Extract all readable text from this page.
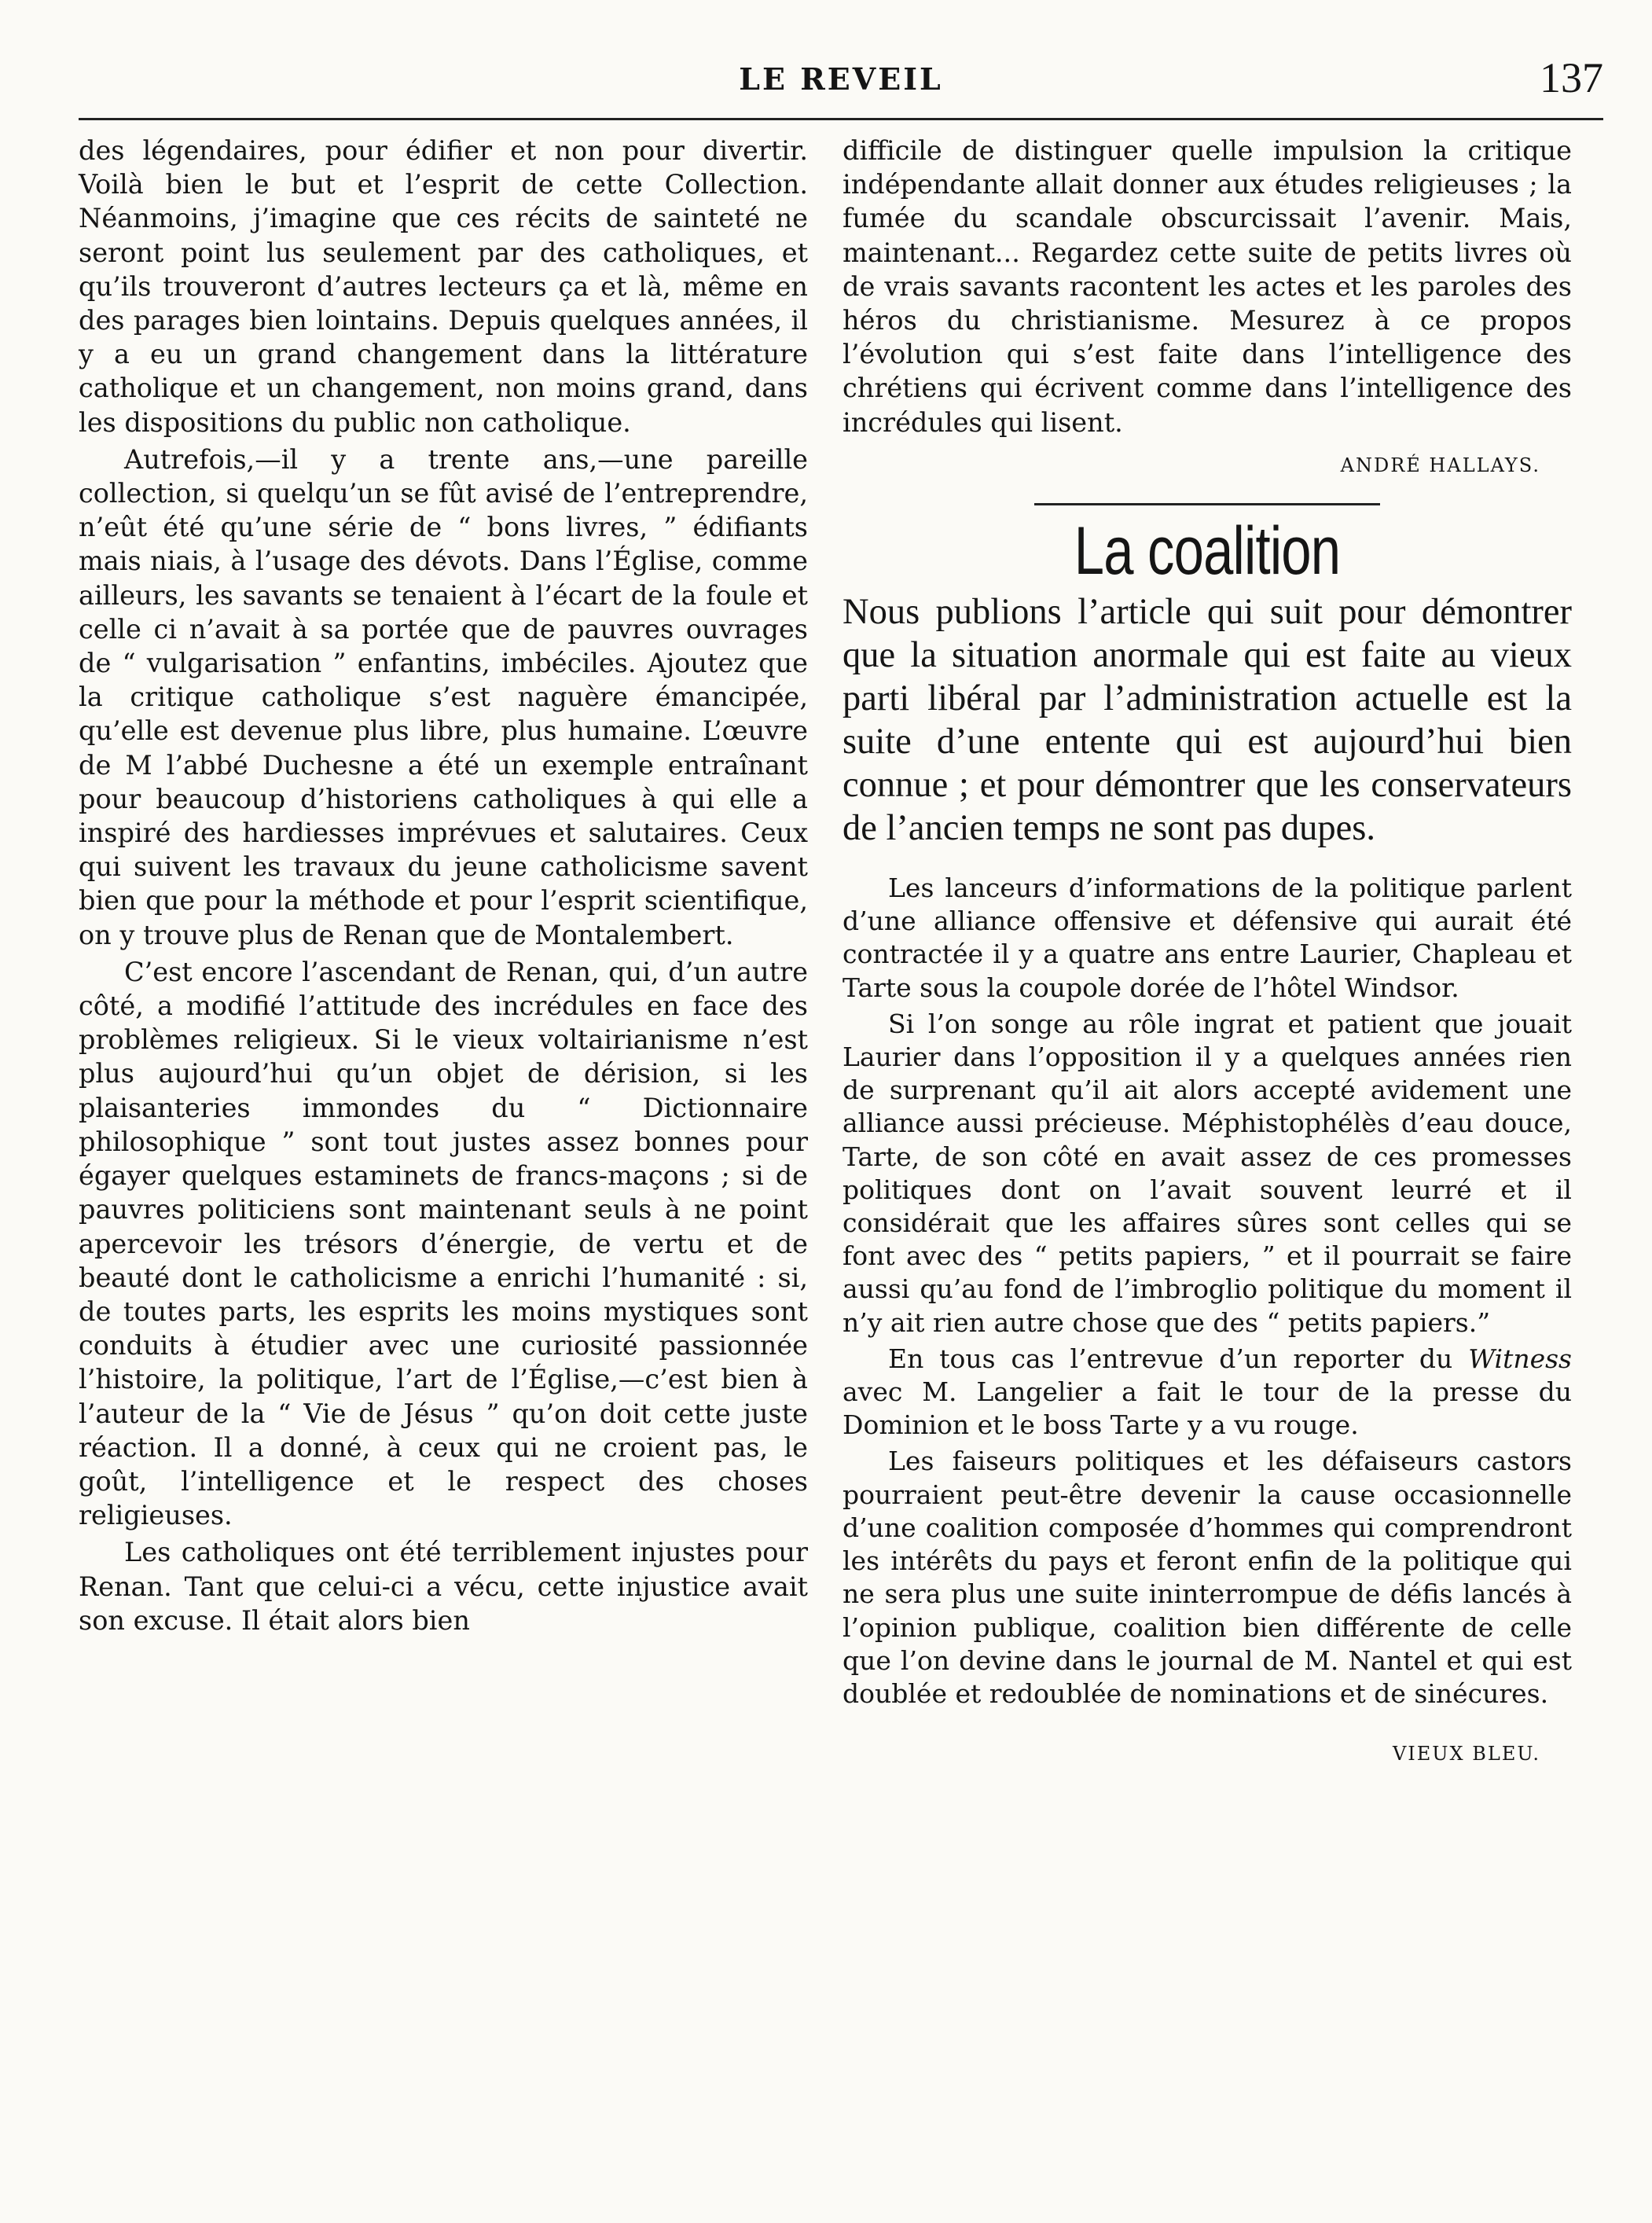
LE REVEIL	137

des légendaires, pour édifier et non pour divertir. Voilà bien le but et l’esprit de cette Collection. Néanmoins, j’imagine que ces récits de sainteté ne seront point lus seulement par des catholiques, et qu’ils trouveront d’autres lecteurs ça et là, même en des parages bien lointains. Depuis quelques années, il y a eu un grand changement dans la littérature catholique et un changement, non moins grand, dans les dispositions du public non catholique.

Autrefois,—il y a trente ans,—une pareille collection, si quelqu’un se fût avisé de l’entreprendre, n’eût été qu’une série de “ bons livres, ” édifiants mais niais, à l’usage des dévots. Dans l’Église, comme ailleurs, les savants se tenaient à l’écart de la foule et celle ci n’avait à sa portée que de pauvres ouvrages de “ vulgarisation ” enfantins, imbéciles. Ajoutez que la critique catholique s’est naguère émancipée, qu’elle est devenue plus libre, plus humaine. L’œuvre de M l’abbé Duchesne a été un exemple entraînant pour beaucoup d’historiens catholiques à qui elle a inspiré des hardiesses imprévues et salutaires. Ceux qui suivent les travaux du jeune catholicisme savent bien que pour la méthode et pour l’esprit scientifique, on y trouve plus de Renan que de Montalembert.

C’est encore l’ascendant de Renan, qui, d’un autre côté, a modifié l’attitude des incrédules en face des problèmes religieux. Si le vieux voltairianisme n’est plus aujourd’hui qu’un objet de dérision, si les plaisanteries immondes du “ Dictionnaire philosophique ” sont tout justes assez bonnes pour égayer quelques estaminets de francs-maçons ; si de pauvres politiciens sont maintenant seuls à ne point apercevoir les trésors d’énergie, de vertu et de beauté dont le catholicisme a enrichi l’humanité : si, de toutes parts, les esprits les moins mystiques sont conduits à étudier avec une curiosité passionnée l’histoire, la politique, l’art de l’Église,—c’est bien à l’auteur de la “ Vie de Jésus ” qu’on doit cette juste réaction. Il a donné, à ceux qui ne croient pas, le goût, l’intelligence et le respect des choses religieuses.

Les catholiques ont été terriblement injustes pour Renan. Tant que celui-ci a vécu, cette injustice avait son excuse. Il était alors bien

difficile de distinguer quelle impulsion la critique indépendante allait donner aux études religieuses ; la fumée du scandale obscurcissait l’avenir. Mais, maintenant... Regardez cette suite de petits livres où de vrais savants racontent les actes et les paroles des héros du christianisme. Mesurez à ce propos l’évolution qui s’est faite dans l’intelligence des chrétiens qui écrivent comme dans l’intelligence des incrédules qui lisent.

ANDRÉ HALLAYS.
La coalition

Nous publions l’article qui suit pour démontrer que la situation anormale qui est faite au vieux parti libéral par l’administration actuelle est la suite d’une entente qui est aujourd’hui bien connue ; et pour démontrer que les conservateurs de l’ancien temps ne sont pas dupes.

Les lanceurs d’informations de la politique parlent d’une alliance offensive et défensive qui aurait été contractée il y a quatre ans entre Laurier, Chapleau et Tarte sous la coupole dorée de l’hôtel Windsor.

Si l’on songe au rôle ingrat et patient que jouait Laurier dans l’opposition il y a quelques années rien de surprenant qu’il ait alors accepté avidement une alliance aussi précieuse. Méphistophélès d’eau douce, Tarte, de son côté en avait assez de ces promesses politiques dont on l’avait souvent leurré et il considérait que les affaires sûres sont celles qui se font avec des “ petits papiers, ” et il pourrait se faire aussi qu’au fond de l’imbroglio politique du moment il n’y ait rien autre chose que des “ petits papiers.”

En tous cas l’entrevue d’un reporter du Witness avec M. Langelier a fait le tour de la presse du Dominion et le boss Tarte y a vu rouge.

Les faiseurs politiques et les défaiseurs castors pourraient peut-être devenir la cause occasionnelle d’une coalition composée d’hommes qui comprendront les intérêts du pays et feront enfin de la politique qui ne sera plus une suite ininterrompue de défis lancés à l’opinion publique, coalition bien différente de celle que l’on devine dans le journal de M. Nantel et qui est doublée et redoublée de nominations et de sinécures.

VIEUX BLEU.
